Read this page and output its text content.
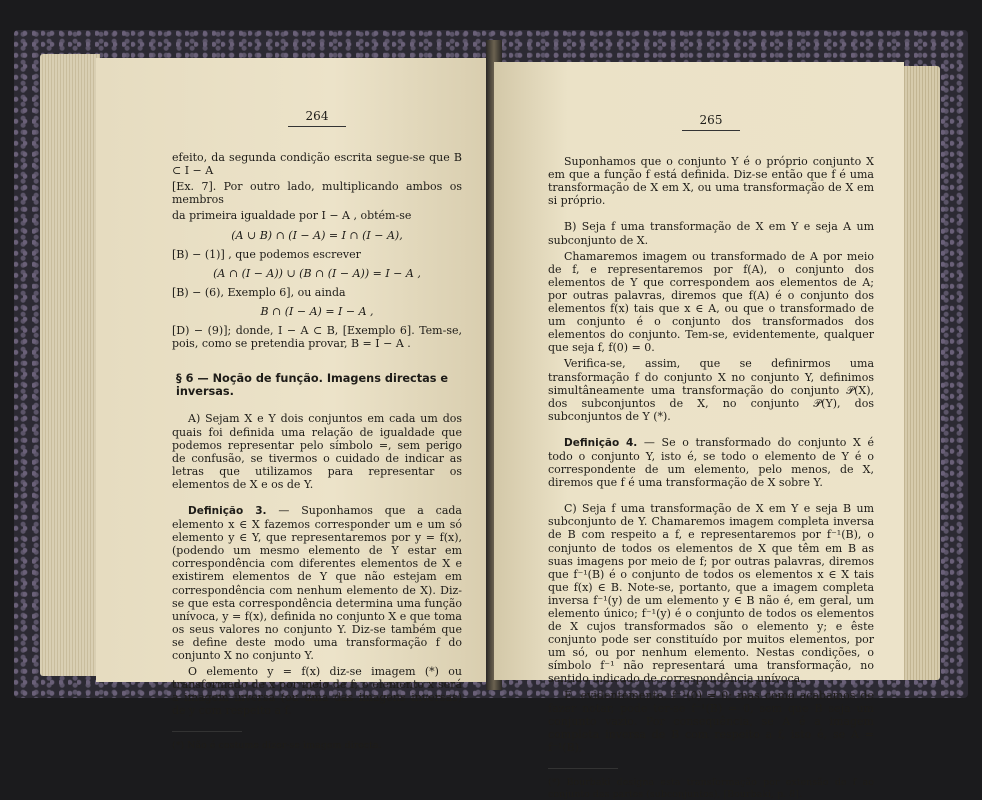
264

efeito, da segunda condição escrita segue-se que B ⊂ I − A

[Ex. 7]. Por outro lado, multiplicando ambos os membros

da primeira igualdade por I − A , obtém-se

(A ∪ B) ∩ (I − A) = I ∩ (I − A),

[B) − (1)] , que podemos escrever

(A ∩ (I − A)) ∪ (B ∩ (I − A)) = I − A ,

[B) − (6), Exemplo 6], ou ainda

B ∩ (I − A) = I − A ,

[D) − (9)]; donde, I − A ⊂ B, [Exemplo 6]. Tem-se, pois, como se pretendia provar, B = I − A .

§ 6 — Noção de função. Imagens directas e inversas.

A) Sejam X e Y dois conjuntos em cada um dos quais foi definida uma relação de igualdade que podemos representar pelo símbolo =, sem perigo de confusão, se tivermos o cuidado de indicar as letras que utilizamos para representar os elementos de X e os de Y.

Definição 3. — Suponhamos que a cada elemento x ∈ X fazemos corresponder um e um só elemento y ∈ Y, que representaremos por y = f(x), (podendo um mesmo elemento de Y estar em correspondência com diferentes elementos de X e existirem elementos de Y que não estejam em correspondência com nenhum elemento de X). Diz-se que esta correspondência determina uma função unívoca, y = f(x), definida no conjunto X e que toma os seus valores no conjunto Y. Diz-se também que se define deste modo uma transformação f do conjunto X no conjunto Y.

O elemento y = f(x) diz-se imagem (*) ou transformado de x por meio de f; o elemento x será a imagem inversa (ou uma das imagens inversas) de y com respeito a f.

(*) Não é costume dizer-se imagem directa.

265

Suponhamos que o conjunto Y é o próprio conjunto X em que a função f está definida. Diz-se então que f é uma transformação de X em X, ou uma transformação de X em si próprio.

B) Seja f uma transformação de X em Y e seja A um subconjunto de X.

Chamaremos imagem ou transformado de A por meio de f, e representaremos por f(A), o conjunto dos elementos de Y que correspondem aos elementos de A; por outras palavras, diremos que f(A) é o conjunto dos elementos f(x) tais que x ∈ A, ou que o transformado de um conjunto é o conjunto dos transformados dos elementos do conjunto. Tem-se, evidentemente, qualquer que seja f, f(0) = 0.

Verifica-se, assim, que se definirmos uma transformação f do conjunto X no conjunto Y, definimos simultâneamente uma transformação do conjunto 𝒫(X), dos subconjuntos de X, no conjunto 𝒫(Y), dos subconjuntos de Y (*).

Definição 4. — Se o transformado do conjunto X é todo o conjunto Y, isto é, se todo o elemento de Y é o correspondente de um elemento, pelo menos, de X, diremos que f é uma transformação de X sobre Y.

C) Seja f uma transformação de X em Y e seja B um subconjunto de Y. Chamaremos imagem completa inversa de B com respeito a f, e representaremos por f⁻¹(B), o conjunto de todos os elementos de X que têm em B as suas imagens por meio de f; por outras palavras, diremos que f⁻¹(B) é o conjunto de todos os elementos x ∈ X tais que f(x) ∈ B. Note-se, portanto, que a imagem completa inversa f⁻¹(y) de um elemento y ∈ B não é, em geral, um elemento único; f⁻¹(y) é o conjunto de todos os elementos de X cujos transformados são o elemento y; e êste conjunto pode ser constituído por muitos elementos, por um só, ou por nenhum elemento. Nestas condições, o símbolo f⁻¹ não representará uma transformação, no sentido indicado de correspondência unívoca.

É, evidentemente, f⁻¹(0) = 0; mas como acabamos de fazer notar, pode ter-se f⁻¹(B) = 0, sem que B seja um conjunto vazio. Por consequência, se A é a imagem completa inversa de B com respeito a f, isto é, se A = f⁻¹(B),

(*) Bourbaki designa esta transformação por extensão de f ao conjunto das partes (subconjuntos), [Bourbaki, p. 8].
